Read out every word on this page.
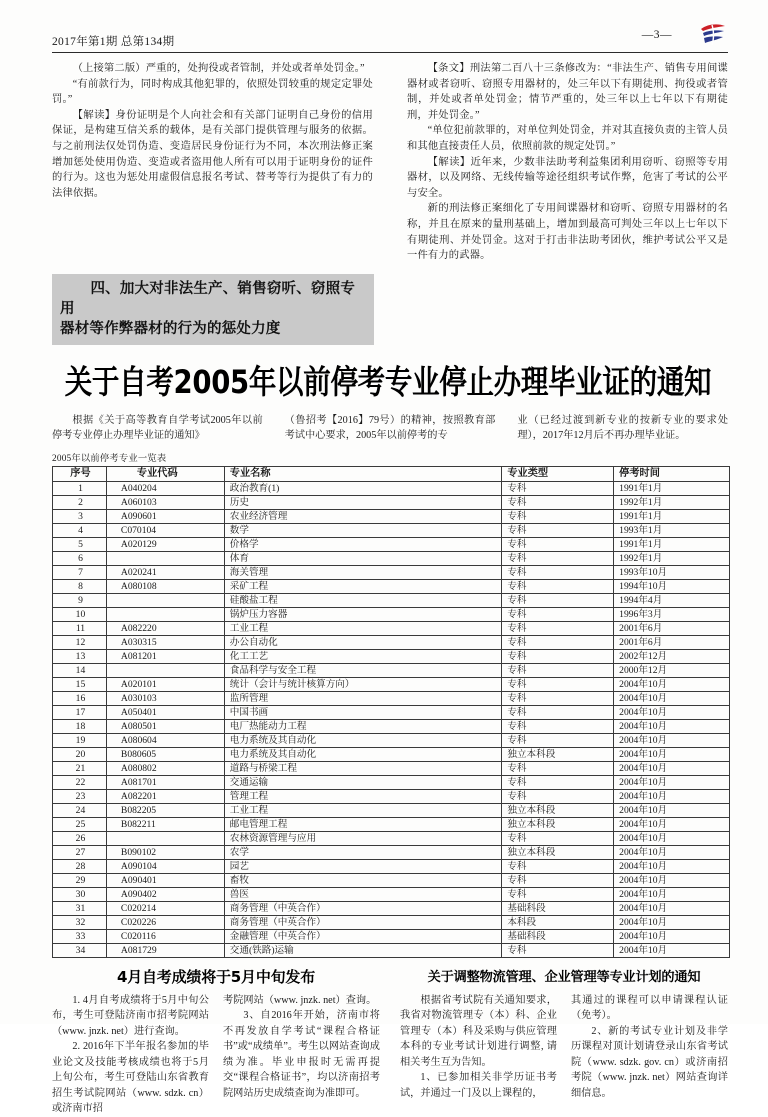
2017年第1期 总第134期
—3—

（上接第二版）严重的，处拘役或者管制，并处或者单处罚金。”

“有前款行为，同时构成其他犯罪的，依照处罚较重的规定定罪处罚。”

【解读】身份证明是个人向社会和有关部门证明自己身份的信用保证，是构建互信关系的载体，是有关部门提供管理与服务的依据。与之前刑法仅处罚伪造、变造居民身份证行为不同，本次刑法修正案增加惩处使用伪造、变造或者盗用他人所有可以用于证明身份的证件的行为。这也为惩处用虚假信息报名考试、替考等行为提供了有力的法律依据。

【条文】刑法第二百八十三条修改为：“非法生产、销售专用间谍器材或者窃听、窃照专用器材的，处三年以下有期徒刑、拘役或者管制，并处或者单处罚金；情节严重的，处三年以上七年以下有期徒刑，并处罚金。”

“单位犯前款罪的，对单位判处罚金，并对其直接负责的主管人员和其他直接责任人员，依照前款的规定处罚。”

【解读】近年来，少数非法助考利益集团利用窃听、窃照等专用器材，以及网络、无线传输等途径组织考试作弊，危害了考试的公平与安全。

新的刑法修正案细化了专用间谍器材和窃听、窃照专用器材的名称，并且在原来的量刑基础上，增加到最高可判处三年以上七年以下有期徒刑、并处罚金。这对于打击非法助考团伙，维护考试公平又是一件有力的武器。

四、加大对非法生产、销售窃听、窃照专用
器材等作弊器材的行为的惩处力度
关于自考2005年以前停考专业停止办理毕业证的通知

根据《关于高等教育自学考试2005年以前停考专业停止办理毕业证的通知》

（鲁招考【2016】79号）的精神，按照教育部考试中心要求，2005年以前停考的专

业（已经过渡到新专业的按新专业的要求处理），2017年12月后不再办理毕业证。

2005年以前停考专业一览表
序号	专业代码	专业名称	专业类型	停考时间
1	A040204	政治教育(1)	专科	1991年1月
2	A060103	历史	专科	1992年1月
3	A090601	农业经济管理	专科	1991年1月
4	C070104	数学	专科	1993年1月
5	A020129	价格学	专科	1991年1月
6		体育	专科	1992年1月
7	A020241	海关管理	专科	1993年10月
8	A080108	采矿工程	专科	1994年10月
9		硅酸盐工程	专科	1994年4月
10		锅炉压力容器	专科	1996年3月
11	A082220	工业工程	专科	2001年6月
12	A030315	办公自动化	专科	2001年6月
13	A081201	化工工艺	专科	2002年12月
14		食品科学与安全工程	专科	2000年12月
15	A020101	统计（会计与统计核算方向）	专科	2004年10月
16	A030103	监所管理	专科	2004年10月
17	A050401	中国书画	专科	2004年10月
18	A080501	电厂热能动力工程	专科	2004年10月
19	A080604	电力系统及其自动化	专科	2004年10月
20	B080605	电力系统及其自动化	独立本科段	2004年10月
21	A080802	道路与桥梁工程	专科	2004年10月
22	A081701	交通运输	专科	2004年10月
23	A082201	管理工程	专科	2004年10月
24	B082205	工业工程	独立本科段	2004年10月
25	B082211	邮电管理工程	独立本科段	2004年10月
26		农林资源管理与应用	专科	2004年10月
27	B090102	农学	独立本科段	2004年10月
28	A090104	园艺	专科	2004年10月
29	A090401	畜牧	专科	2004年10月
30	A090402	兽医	专科	2004年10月
31	C020214	商务管理（中英合作）	基础科段	2004年10月
32	C020226	商务管理（中英合作）	本科段	2004年10月
33	C020116	金融管理（中英合作）	基础科段	2004年10月
34	A081729	交通(铁路)运输	专科	2004年10月
4月自考成绩将于5月中旬发布

1. 4月自考成绩将于5月中旬公布，考生可登陆济南市招考院网站（www. jnzk. net）进行查询。

2. 2016年下半年报名参加的毕业论文及技能考核成绩也将于5月上旬公布，考生可登陆山东省教育招生考试院网站（www. sdzk. cn）或济南市招

考院网站（www. jnzk. net）查询。

3、自2016年开始，济南市将不再发放自学考试“课程合格证书”或“成绩单”。考生以网站查询成绩为准。毕业申报时无需再提交“课程合格证书”，均以济南招考院网站历史成绩查询为准即可。

关于调整物流管理、企业管理等专业计划的通知

根据省考试院有关通知要求，我省对物流管理专（本）科、企业管理专（本）科及采购与供应管理本科的专业考试计划进行调整, 请相关考生互为告知。

1、已参加相关非学历证书考试，并通过一门及以上课程的，

其通过的课程可以申请课程认证（免考）。

2、新的考试专业计划及非学历课程对顶计划请登录山东省考试院（www. sdzk. gov. cn）或济南招考院（www. jnzk. net）网站查询详细信息。
